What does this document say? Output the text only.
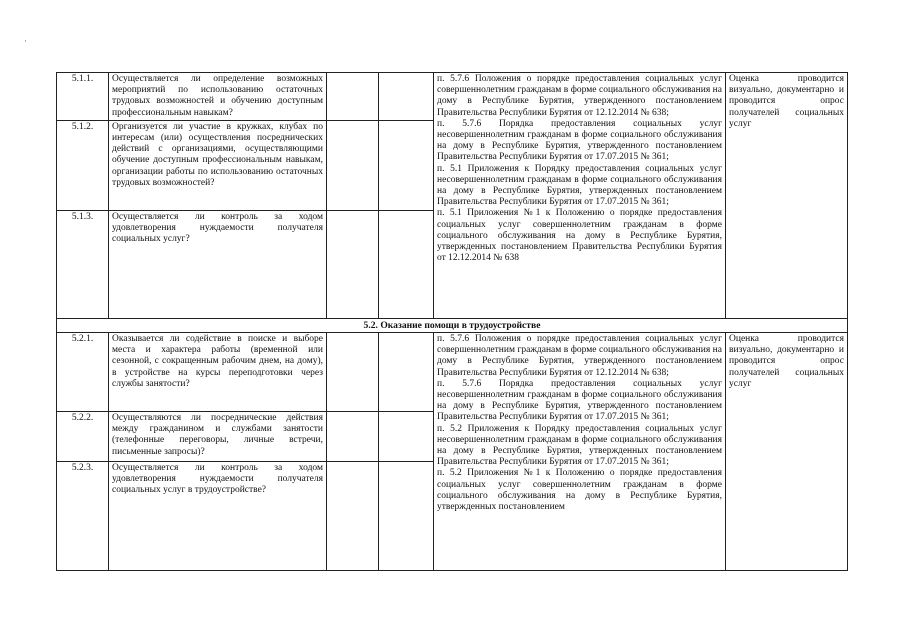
·
5.1.1.	Осуществляется ли определение возможных мероприятий по использованию остаточных трудовых возможностей и обучению доступным профессиональным навыкам?			п. 5.7.6 Положения о порядке предоставления социальных услуг совершеннолетним гражданам в форме социального обслуживания на дому в Республике Бурятия, утвержденного постановлением Правительства Республики Бурятия от 12.12.2014 № 638;

п. 5.7.6 Порядка предоставления социальных услуг несовершеннолетним гражданам в форме социального обслуживания на дому в Республике Бурятия, утвержденного постановлением Правительства Республики Бурятия от 17.07.2015 № 361;

п. 5.1 Приложения к Порядку предоставления социальных услуг несовершеннолетним гражданам в форме социального обслуживания на дому в Республике Бурятия, утвержденных постановлением Правительства Республики Бурятия от 17.07.2015 № 361;

п. 5.1 Приложения №1 к Положению о порядке предоставления социальных услуг совершеннолетним гражданам в форме социального обслуживания на дому в Республике Бурятия, утвержденных постановлением Правительства Республики Бурятия от 12.12.2014 № 638	Оценка проводится визуально, документарно и проводится опрос получателей социальных услуг
5.1.2.	Организуется ли участие в кружках, клубах по интересам (или) осуществления посреднических действий с организациями, осуществляющими обучение доступным профессиональным навыкам, организации работы по использованию остаточных трудовых возможностей?				
5.1.3.	Осуществляется ли контроль за ходом удовлетворения нуждаемости получателя социальных услуг?				
5.2. Оказание помощи в трудоустройстве					
5.2.1.	Оказывается ли содействие в поиске и выборе места и характера работы (временной или сезонной, с сокращенным рабочим днем, на дому), в устройстве на курсы переподготовки через службы занятости?			п. 5.7.6 Положения о порядке предоставления социальных услуг совершеннолетним гражданам в форме социального обслуживания на дому в Республике Бурятия, утвержденного постановлением Правительства Республики Бурятия от 12.12.2014 № 638;

п. 5.7.6 Порядка предоставления социальных услуг несовершеннолетним гражданам в форме социального обслуживания на дому в Республике Бурятия, утвержденного постановлением Правительства Республики Бурятия от 17.07.2015 № 361;

п. 5.2 Приложения к Порядку предоставления социальных услуг несовершеннолетним гражданам в форме социального обслуживания на дому в Республике Бурятия, утвержденных постановлением Правительства Республики Бурятия от 17.07.2015 № 361;

п. 5.2 Приложения №1 к Положению о порядке предоставления социальных услуг совершеннолетним гражданам в форме социального обслуживания на дому в Республике Бурятия, утвержденных постановлением	Оценка проводится визуально, документарно и проводится опрос получателей социальных услуг
5.2.2.	Осуществляются ли посреднические действия между гражданином и службами занятости (телефонные переговоры, личные встречи, письменные запросы)?				
5.2.3.	Осуществляется ли контроль за ходом удовлетворения нуждаемости получателя социальных услуг в трудоустройстве?				
